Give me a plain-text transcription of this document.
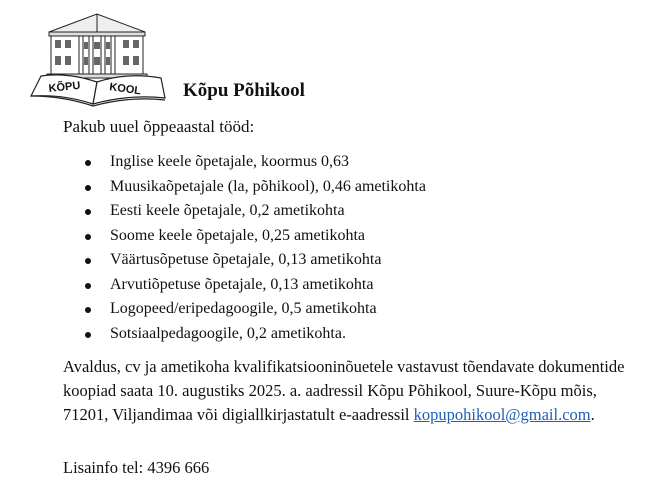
KÕPU	KOOL Kõpu Põhikool

Pakub uuel õppeaastal tööd:

Inglise keele õpetajale, koormus 0,63
Muusikaõpetajale (la, põhikool), 0,46 ametikohta
Eesti keele õpetajale, 0,2 ametikohta
Soome keele õpetajale, 0,25 ametikohta
Väärtusõpetuse õpetajale, 0,13 ametikohta
Arvutiõpetuse õpetajale, 0,13 ametikohta
Logopeed/eripedagoogile, 0,5 ametikohta
Sotsiaalpedagoogile, 0,2 ametikohta.

Avaldus, cv ja ametikoha kvalifikatsiooninõuetele vastavust tõendavate dokumentide koopiad saata 10. augustiks 2025. a. aadressil Kõpu Põhikool, Suure-Kõpu mõis, 71201, Viljandimaa või digiallkirjastatult e-aadressil kopupohikool@gmail.com.

Lisainfo tel: 4396 666
